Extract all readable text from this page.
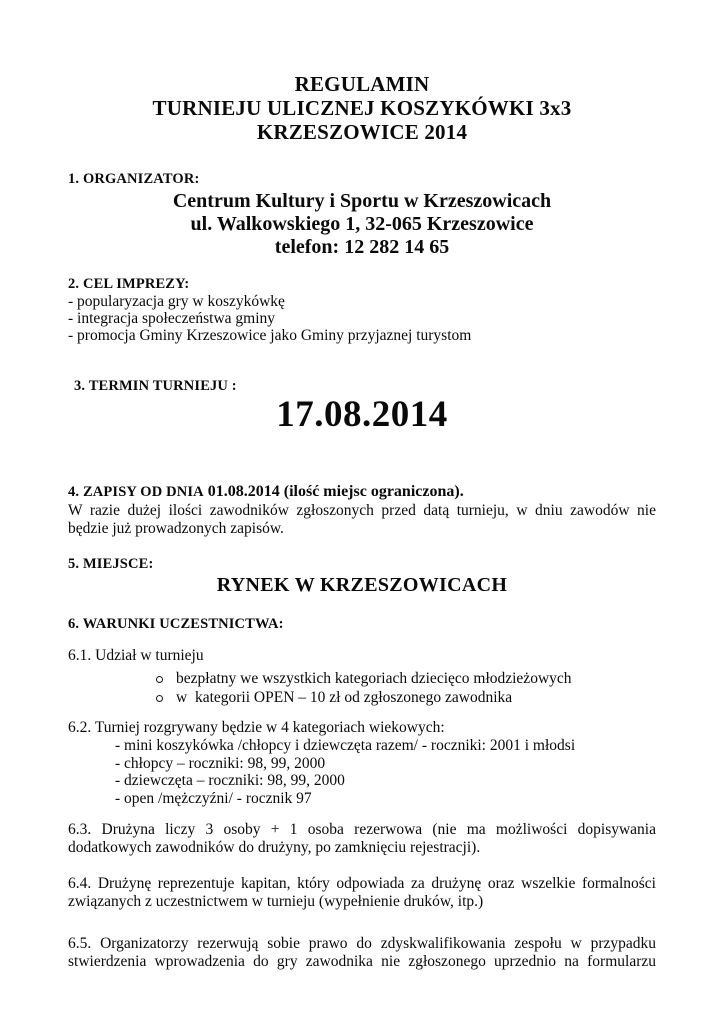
REGULAMIN
TURNIEJU ULICZNEJ KOSZYKÓWKI 3x3
KRZESZOWICE 2014
1. ORGANIZATOR:
Centrum Kultury i Sportu w Krzeszowicach
ul. Walkowskiego 1, 32-065 Krzeszowice
telefon: 12 282 14 65
2. CEL IMPREZY:
- popularyzacja gry w koszykówkę
- integracja społeczeństwa gminy
- promocja Gminy Krzeszowice jako Gminy przyjaznej turystom
3. TERMIN TURNIEJU :
17.08.2014
4. ZAPISY OD DNIA 01.08.2014 (ilość miejsc ograniczona).

W razie dużej ilości zawodników zgłoszonych przed datą turnieju, w dniu zawodów nie będzie już prowadzonych zapisów.

5. MIEJSCE:
RYNEK W KRZESZOWICACH
6. WARUNKI UCZESTNICTWA:

6.1. Udział w turnieju

bezpłatny we wszystkich kategoriach dziecięco młodzieżowych
w  kategorii OPEN – 10 zł od zgłoszonego zawodnika

6.2. Turniej rozgrywany będzie w 4 kategoriach wiekowych:

- mini koszykówka /chłopcy i dziewczęta razem/ - roczniki: 2001 i młodsi
- chłopcy – roczniki: 98, 99, 2000
- dziewczęta – roczniki: 98, 99, 2000
- open /mężczyźni/ - rocznik 97

6.3. Drużyna liczy 3 osoby + 1 osoba rezerwowa (nie ma możliwości dopisywania dodatkowych zawodników do drużyny, po zamknięciu rejestracji).

6.4. Drużynę reprezentuje kapitan, który odpowiada za drużynę oraz wszelkie formalności związanych z uczestnictwem w turnieju (wypełnienie druków, itp.)

6.5. Organizatorzy rezerwują sobie prawo do zdyskwalifikowania zespołu w przypadku stwierdzenia wprowadzenia do gry zawodnika nie zgłoszonego uprzednio na formularzu
